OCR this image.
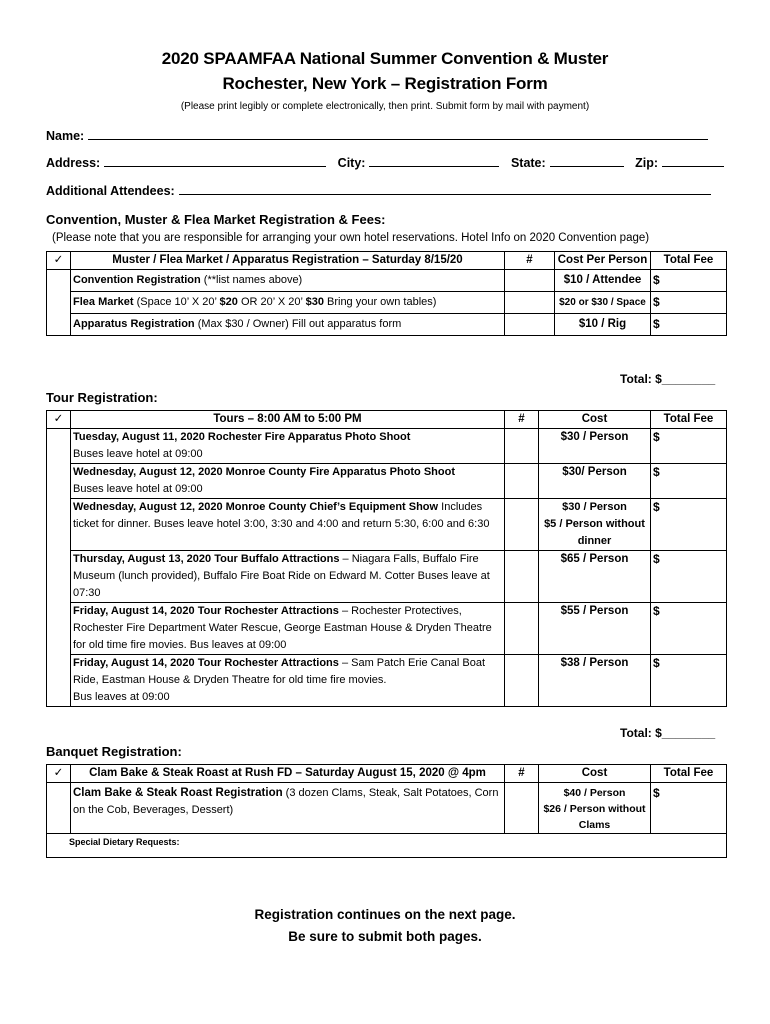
2020 SPAAMFAA National Summer Convention & Muster
Rochester, New York – Registration Form
(Please print legibly or complete electronically, then print. Submit form by mail with payment)
Name:
Address:	City:	State:	Zip:
Additional Attendees:
Convention, Muster & Flea Market Registration & Fees:
(Please note that you are responsible for arranging your own hotel reservations. Hotel Info on 2020 Convention page)
✓	Muster / Flea Market / Apparatus Registration – Saturday 8/15/20	#	Cost Per Person	Total Fee
	Convention Registration (**list names above)		$10 / Attendee	$
	Flea Market (Space 10’ X 20’ $20 OR 20’ X 20’ $30 Bring your own tables)		$20 or $30 / Space	$
	Apparatus Registration (Max $30 / Owner) Fill out apparatus form		$10 / Rig	$
Total: $________
Tour Registration:
✓	Tours – 8:00 AM to 5:00 PM	#	Cost	Total Fee
	Tuesday, August 11, 2020 Rochester Fire Apparatus Photo Shoot
Buses leave hotel at 09:00		$30 / Person	$
	Wednesday, August 12, 2020 Monroe County Fire Apparatus Photo Shoot
Buses leave hotel at 09:00		$30/ Person	$
	Wednesday, August 12, 2020 Monroe County Chief’s Equipment Show Includes ticket for dinner. Buses leave hotel 3:00, 3:30 and 4:00 and return 5:30, 6:00 and 6:30		$30 / Person
$5 / Person without dinner	$
	Thursday, August 13, 2020 Tour Buffalo Attractions – Niagara Falls, Buffalo Fire Museum (lunch provided), Buffalo Fire Boat Ride on Edward M. Cotter Buses leave at 07:30		$65 / Person	$
	Friday, August 14, 2020 Tour Rochester Attractions – Rochester Protectives, Rochester Fire Department Water Rescue, George Eastman House & Dryden Theatre for old time fire movies. Bus leaves at 09:00		$55 / Person	$
	Friday, August 14, 2020 Tour Rochester Attractions – Sam Patch Erie Canal Boat Ride, Eastman House & Dryden Theatre for old time fire movies.
Bus leaves at 09:00		$38 / Person	$
Total: $________
Banquet Registration:
✓	Clam Bake & Steak Roast at Rush FD – Saturday August 15, 2020 @ 4pm	#	Cost	Total Fee
	Clam Bake & Steak Roast Registration (3 dozen Clams, Steak, Salt Potatoes, Corn on the Cob, Beverages, Dessert)		$40 / Person
$26 / Person without Clams	$
Special Dietary Requests:				
Registration continues on the next page.
Be sure to submit both pages.
